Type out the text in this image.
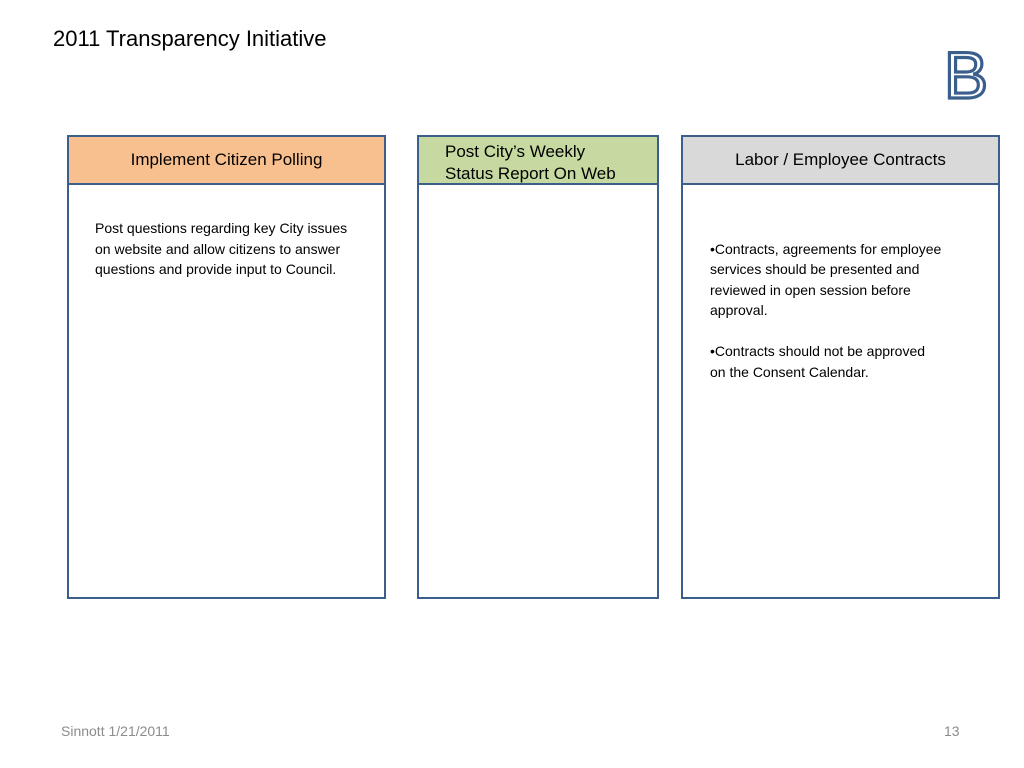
2011 Transparency Initiative	B
Implement Citizen Polling
Post questions regarding key City issues
on website and allow citizens to answer
questions and provide input to Council.
Post City’s Weekly
Status Report On Web
Labor / Employee Contracts

•Contracts, agreements for employee
services should be presented and
reviewed in open session before
approval.

•Contracts should not be approved
on the Consent Calendar.

Sinnott 1/21/2011	13
